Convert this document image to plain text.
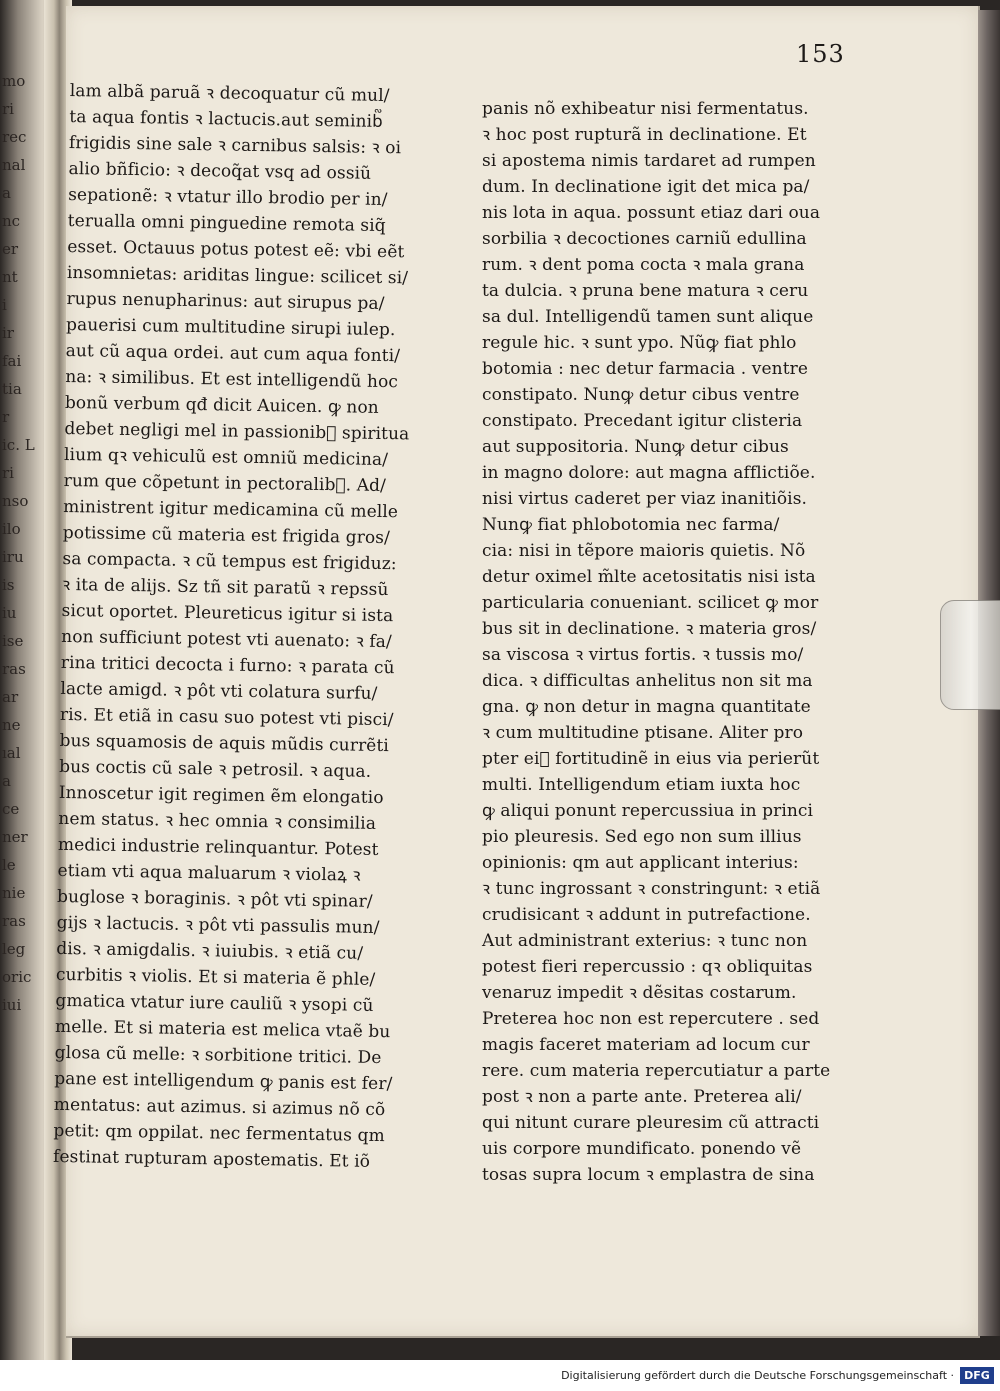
mo
ri
rec
nal
a
nc
er
nt
i
ir
fai
tia
r
ic. L
ri
nso
ilo
iru
is
iu
ise
ras
ar
ne
ıal
a
ce
ner
le
nie
ras
leg
oric
iui
153
lam albã paruã ꝛ decoquatur cũ mul/
ta aqua fontis ꝛ lactucis.aut seminib᷑
frigidis sine sale ꝛ carnibus salsis: ꝛ oi
alio bñficio: ꝛ decoq̃at vsq ad ossiũ
sepationẽ: ꝛ vtatur illo brodio per in/
terualla omni pinguedine remota siq̃
esset. Octauus potus potest eẽ: vbi eẽt
insomnietas: ariditas lingue: scilicet si/
rupus nenupharinus: aut sirupus pa/
pauerisi cum multitudine sirupi iulep.
aut cũ aqua ordei. aut cum aqua fonti/
na: ꝛ similibus. Et est intelligendũ hoc
bonũ verbum qđ dicit Auicen. ꝙ non
debet negligi mel in passionib᷑ spiritua
lium qꝛ vehiculũ est omniũ medicina/
rum que cõpetunt in pectoralib᷑. Ad/
ministrent igitur medicamina cũ melle
potissime cũ materia est frigida gros/
sa compacta. ꝛ cũ tempus est frigiduz:
ꝛ ita de alijs. Sz tñ sit paratũ ꝛ repssũ
sicut oportet. Pleureticus igitur si ista
non sufficiunt potest vti auenato: ꝛ fa/
rina tritici decocta i furno: ꝛ parata cũ
lacte amigd. ꝛ pôt vti colatura surfu/
ris. Et etiã in casu suo potest vti pisci/
bus squamosis de aquis mũdis currẽti
bus coctis cũ sale ꝛ petrosil. ꝛ aqua.
Innoscetur igit regimen ẽm elongatio
nem status. ꝛ hec omnia ꝛ consimilia
medici industrie relinquantur. Potest
etiam vti aqua maluarum ꝛ violaꝝ ꝛ
buglose ꝛ boraginis. ꝛ pôt vti spinar/
gijs ꝛ lactucis. ꝛ pôt vti passulis mun/
dis. ꝛ amigdalis. ꝛ iuiubis. ꝛ etiã cu/
curbitis ꝛ violis. Et si materia ẽ phle/
gmatica vtatur iure cauliũ ꝛ ysopi cũ
melle. Et si materia est melica vtaẽ bu
glosa cũ melle: ꝛ sorbitione tritici. De
pane est intelligendum ꝙ panis est fer/
mentatus: aut azimus. si azimus nõ cõ
petit: qm oppilat. nec fermentatus qm
festinat rupturam apostematis. Et iõ
panis nõ exhibeatur nisi fermentatus.
ꝛ hoc post rupturã in declinatione. Et
si apostema nimis tardaret ad rumpen
dum. In declinatione igit det mica pa/
nis lota in aqua. possunt etiaz dari oua
sorbilia ꝛ decoctiones carniũ edullina
rum. ꝛ dent poma cocta ꝛ mala grana
ta dulcia. ꝛ pruna bene matura ꝛ ceru
sa dul. Intelligendũ tamen sunt alique
regule hic. ꝛ sunt ypo. Nũꝙ fiat phlo
botomia : nec detur farmacia . ventre
constipato. Nunꝙ detur cibus ventre
constipato. Precedant igitur clisteria
aut suppositoria. Nunꝙ detur cibus
in magno dolore: aut magna afflictiõe.
nisi virtus caderet per viaz inanitiõis.
Nunꝙ fiat phlobotomia nec farma/
cia: nisi in tẽpore maioris quietis. Nõ
detur oximel m̃lte acetositatis nisi ista
particularia conueniant. scilicet ꝙ mor
bus sit in declinatione. ꝛ materia gros/
sa viscosa ꝛ virtus fortis. ꝛ tussis mo/
dica. ꝛ difficultas anhelitus non sit ma
gna. ꝙ non detur in magna quantitate
ꝛ cum multitudine ptisane. Aliter pro
pter ei᷑ fortitudinẽ in eius via perierũt
multi. Intelligendum etiam iuxta hoc
ꝙ aliqui ponunt repercussiua in princi
pio pleuresis. Sed ego non sum illius
opinionis: qm aut applicant interius:
ꝛ tunc ingrossant ꝛ constringunt: ꝛ etiã
crudisicant ꝛ addunt in putrefactione.
Aut administrant exterius: ꝛ tunc non
potest fieri repercussio : qꝛ obliquitas
venaruz impedit ꝛ dẽsitas costarum.
Preterea hoc non est repercutere . sed
magis faceret materiam ad locum cur
rere. cum materia repercutiatur a parte
post ꝛ non a parte ante. Preterea ali/
qui nitunt curare pleuresim cũ attracti
uis corpore mundificato. ponendo vẽ
tosas supra locum ꝛ emplastra de sina
Digitalisierung gefördert durch die Deutsche Forschungsgemeinschaft · DFG
